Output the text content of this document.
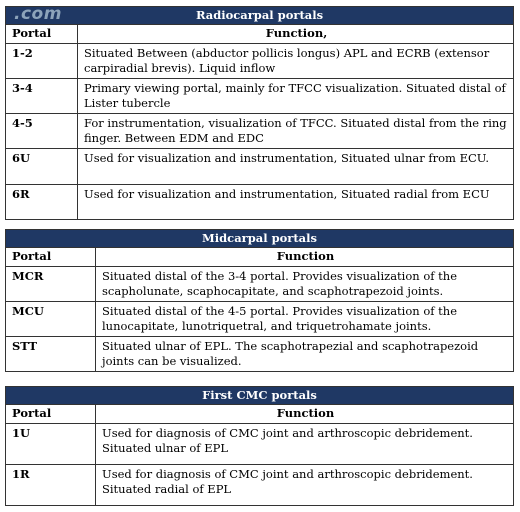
Radiocarpal portals
Portal	Function,
1-2	Situated Between (abductor pollicis longus) APL and ECRB (extensor carpiradial brevis). Liquid inflow
3-4	Primary viewing portal, mainly for TFCC visualization. Situated distal of Lister tubercle
4-5	For instrumentation, visualization of TFCC. Situated distal from the ring finger. Between EDM and EDC
6U	Used for visualization and instrumentation, Situated ulnar from ECU.
6R	Used for visualization and instrumentation, Situated radial from ECU
Midcarpal portals
Portal	Function
MCR	Situated distal of the 3-4 portal. Provides visualization of the scapholunate, scaphocapitate, and scaphotrapezoid joints.
MCU	Situated distal of the 4-5 portal. Provides visualization of the lunocapitate, lunotriquetral, and triquetrohamate joints.
STT	Situated ulnar of EPL. The scaphotrapezial and scaphotrapezoid joints can be visualized.
First CMC portals
Portal	Function
1U	Used for diagnosis of CMC joint and arthroscopic debridement. Situated ulnar of EPL
1R	Used for diagnosis of CMC joint and arthroscopic debridement. Situated radial of EPL
.com
